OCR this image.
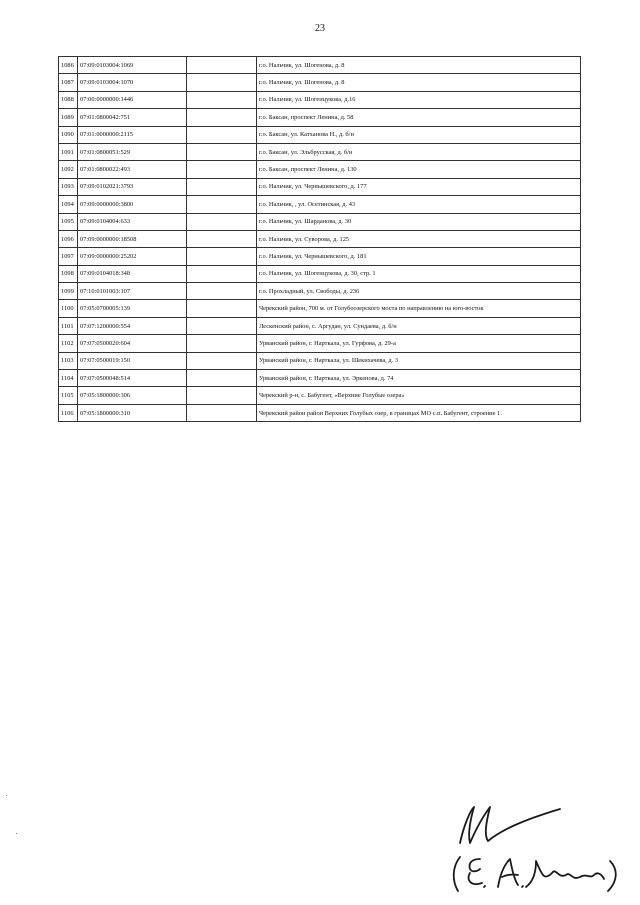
23
1086	07:09:0103004:1069		г.о. Нальчик, ул. Шогенова, д. 8
1087	07:09:0103004:1070		г.о. Нальчик, ул. Шогенова, д. 8
1088	07:00:0000000:1446		г.о. Нальчик, ул. Шогенцукова, д.16
1089	07:01:0800042:751		г.о. Баксан, проспект Ленина, д. 58
1090	07:01:0000000:2115		г.о. Баксан, ул. Катханова Н., д. б/н
1091	07:01:0800051:529		г.о. Баксан, ул. Эльбрусская, д. б/н
1092	07:01:0800022:493		г.о. Баксан, проспект Ленина, д. 130
1093	07:09:0102021:3793		г.о. Нальчик, ул. Чернышевского, д. 177
1094	07:09:0000000:3800		г.о. Нальчик, , ул. Осетинская, д. 43
1095	07:09:0104004:633		г.о. Нальчик, ул. Шарданова, д. 30
1096	07:09:0000000:18508		г.о. Нальчик, ул. Суворова, д. 125
1097	07:09:0000000:25202		г.о. Нальчик, ул. Чернышевского, д. 181
1098	07:09:0104018:348		г.о. Нальчик, ул. Шогенцукова, д. 30, стр. 1
1099	07:10:0101003:107		г.о. Прохладный, ул. Свободы, д. 236
1100	07:05:0700005:139		Черекский район, 700 м. от Голубоозерского моста по направлению на юго-восток
1101	07:07:1200000:554		Лескенский район, с. Аргудан, ул. Сундаева, д. б/н
1102	07:07:0500020:604		Урванский район, г. Нарткала, ул. Гурфова, д. 29-а
1103	07:07:0500019:150		Урванский район, г. Нарткала, ул. Шекихачева, д. 3
1104	07:07:0500048:514		Урванский район, г. Нарткала, ул. Эркенова, д. 74
1105	07:05:1800000:306		Черекский р-н, с. Бабугент, «Верхние Голубые озера»
1106	07:05:1800000:310		Черекский район район Верхних Голубых озер, в границах МО с.п. Бабугент, строение 1.
